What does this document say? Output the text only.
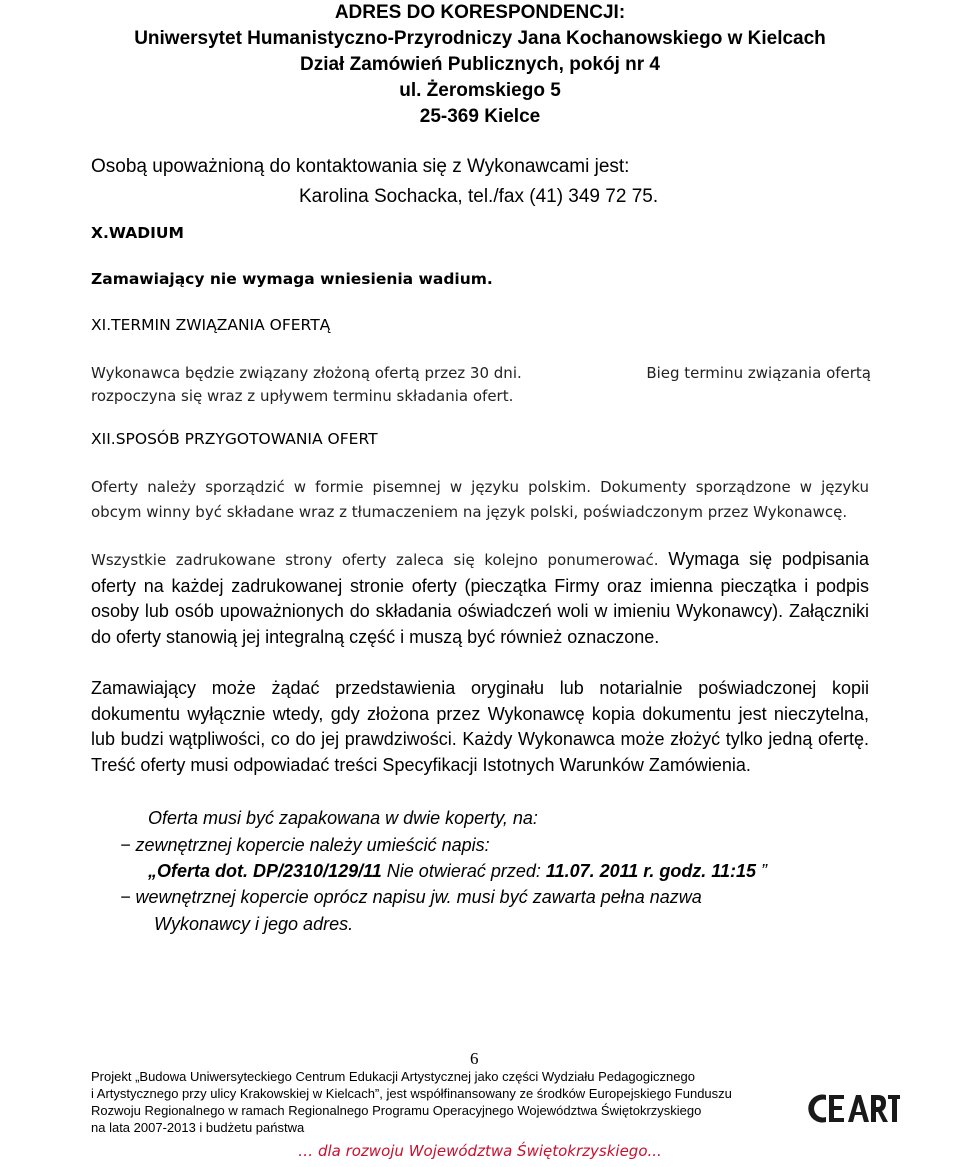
ADRES DO KORESPONDENCJI:
Uniwersytet Humanistyczno-Przyrodniczy Jana Kochanowskiego w Kielcach
Dział Zamówień Publicznych, pokój nr 4
ul. Żeromskiego 5
25-369 Kielce
Osobą upoważnioną do kontaktowania się z Wykonawcami jest:
Karolina Sochacka, tel./fax (41) 349 72 75.
X.WADIUM
Zamawiający nie wymaga wniesienia wadium.
XI.TERMIN ZWIĄZANIA OFERTĄ
Wykonawca będzie związany złożoną ofertą przez 30 dni.	Bieg terminu związania ofertą
rozpoczyna się wraz z upływem terminu składania ofert.
XII.SPOSÓB PRZYGOTOWANIA OFERT
Oferty należy sporządzić w formie pisemnej w języku polskim. Dokumenty sporządzone w języku obcym winny być składane wraz z tłumaczeniem na język polski, poświadczonym przez Wykonawcę.
Wszystkie zadrukowane strony oferty zaleca się kolejno ponumerować. Wymaga się podpisania oferty na każdej zadrukowanej stronie oferty (pieczątka Firmy oraz imienna pieczątka i podpis osoby lub osób upoważnionych do składania oświadczeń woli w imieniu Wykonawcy). Załączniki do oferty stanowią jej integralną część i muszą być również oznaczone.
Zamawiający może żądać przedstawienia oryginału lub notarialnie poświadczonej kopii dokumentu wyłącznie wtedy, gdy złożona przez Wykonawcę kopia dokumentu jest nieczytelna, lub budzi wątpliwości, co do jej prawdziwości. Każdy Wykonawca może złożyć tylko jedną ofertę. Treść oferty musi odpowiadać treści Specyfikacji Istotnych Warunków Zamówienia.
Oferta musi być zapakowana w dwie koperty, na:
− zewnętrznej kopercie należy umieścić napis:
„Oferta dot. DP/2310/129/11 Nie otwierać przed: 11.07. 2011 r. godz. 11:15 ”
− wewnętrznej kopercie oprócz napisu jw. musi być zawarta pełna nazwa
Wykonawcy i jego adres.
6
Projekt „Budowa Uniwersyteckiego Centrum Edukacji Artystycznej jako części Wydziału Pedagogicznego
i Artystycznego przy ulicy Krakowskiej w Kielcach”, jest współfinansowany ze środków Europejskiego Funduszu
Rozwoju Regionalnego w ramach Regionalnego Programu Operacyjnego Województwa Świętokrzyskiego
na lata 2007-2013 i budżetu państwa
… dla rozwoju Województwa Świętokrzyskiego...
